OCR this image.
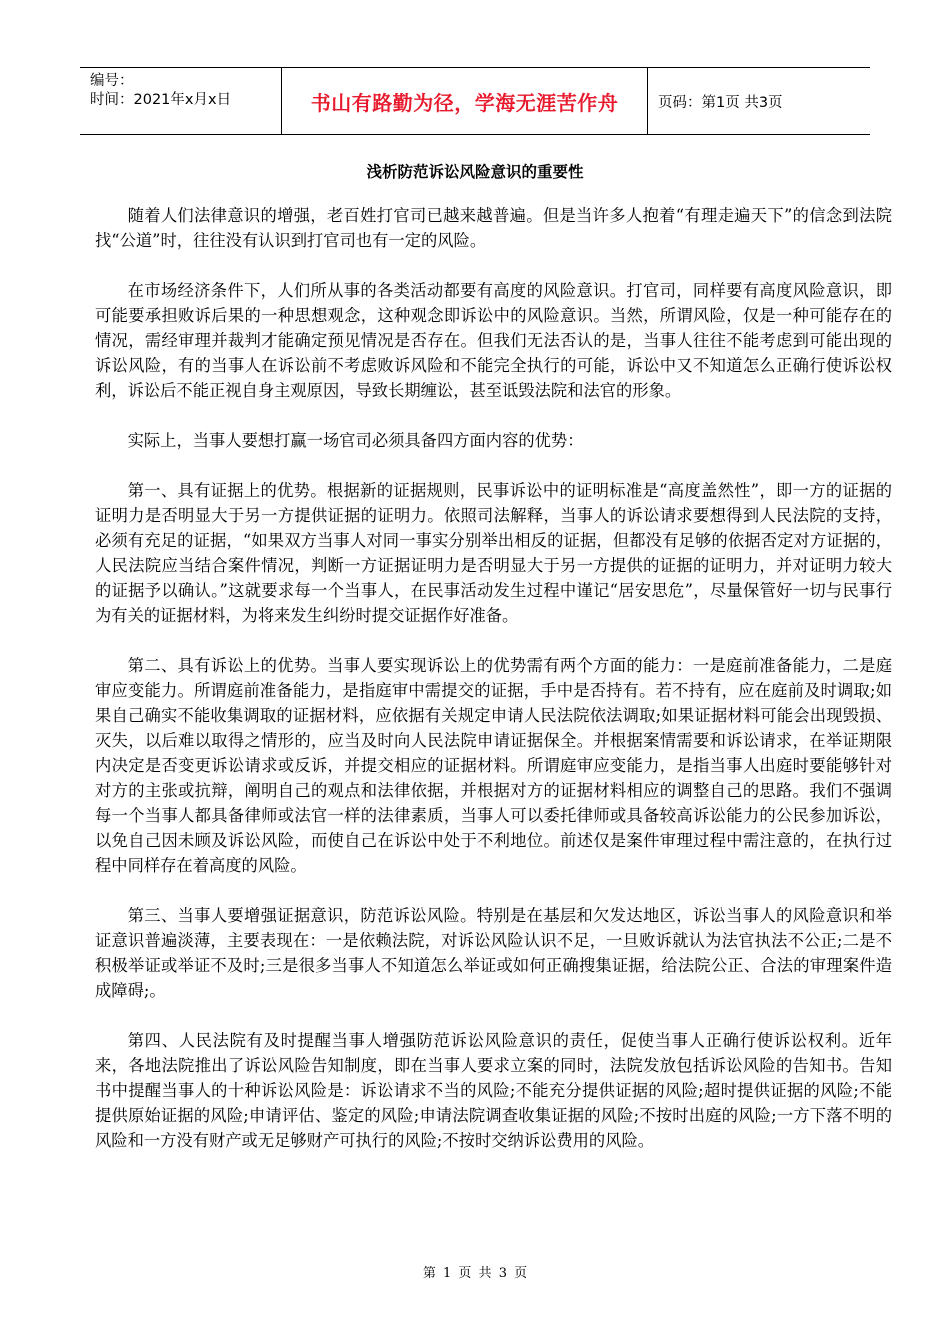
编号：
时间：2021年x月x日	书山有路勤为径，学海无涯苦作舟	页码：第1页 共3页
浅析防范诉讼风险意识的重要性

随着人们法律意识的增强，老百姓打官司已越来越普遍。但是当许多人抱着“有理走遍天下”的信念到法院找“公道”时，往往没有认识到打官司也有一定的风险。

在市场经济条件下，人们所从事的各类活动都要有高度的风险意识。打官司，同样要有高度风险意识，即可能要承担败诉后果的一种思想观念，这种观念即诉讼中的风险意识。当然，所谓风险，仅是一种可能存在的情况，需经审理并裁判才能确定预见情况是否存在。但我们无法否认的是，当事人往往不能考虑到可能出现的诉讼风险，有的当事人在诉讼前不考虑败诉风险和不能完全执行的可能，诉讼中又不知道怎么正确行使诉讼权利，诉讼后不能正视自身主观原因，导致长期缠讼，甚至诋毁法院和法官的形象。

实际上，当事人要想打赢一场官司必须具备四方面内容的优势：

第一、具有证据上的优势。根据新的证据规则，民事诉讼中的证明标准是“高度盖然性”，即一方的证据的证明力是否明显大于另一方提供证据的证明力。依照司法解释，当事人的诉讼请求要想得到人民法院的支持，必须有充足的证据，“如果双方当事人对同一事实分别举出相反的证据，但都没有足够的依据否定对方证据的，人民法院应当结合案件情况，判断一方证据证明力是否明显大于另一方提供的证据的证明力，并对证明力较大的证据予以确认。”这就要求每一个当事人，在民事活动发生过程中谨记“居安思危”，尽量保管好一切与民事行为有关的证据材料，为将来发生纠纷时提交证据作好准备。

第二、具有诉讼上的优势。当事人要实现诉讼上的优势需有两个方面的能力：一是庭前准备能力，二是庭审应变能力。所谓庭前准备能力，是指庭审中需提交的证据，手中是否持有。若不持有，应在庭前及时调取;如果自己确实不能收集调取的证据材料，应依据有关规定申请人民法院依法调取;如果证据材料可能会出现毁损、灭失，以后难以取得之情形的，应当及时向人民法院申请证据保全。并根据案情需要和诉讼请求，在举证期限内决定是否变更诉讼请求或反诉，并提交相应的证据材料。所谓庭审应变能力，是指当事人出庭时要能够针对对方的主张或抗辩，阐明自己的观点和法律依据，并根据对方的证据材料相应的调整自己的思路。我们不强调每一个当事人都具备律师或法官一样的法律素质，当事人可以委托律师或具备较高诉讼能力的公民参加诉讼，以免自己因未顾及诉讼风险，而使自己在诉讼中处于不利地位。前述仅是案件审理过程中需注意的，在执行过程中同样存在着高度的风险。

第三、当事人要增强证据意识，防范诉讼风险。特别是在基层和欠发达地区，诉讼当事人的风险意识和举证意识普遍淡薄，主要表现在：一是依赖法院，对诉讼风险认识不足，一旦败诉就认为法官执法不公正;二是不积极举证或举证不及时;三是很多当事人不知道怎么举证或如何正确搜集证据，给法院公正、合法的审理案件造成障碍;。

第四、人民法院有及时提醒当事人增强防范诉讼风险意识的责任，促使当事人正确行使诉讼权利。近年来，各地法院推出了诉讼风险告知制度，即在当事人要求立案的同时，法院发放包括诉讼风险的告知书。告知书中提醒当事人的十种诉讼风险是：诉讼请求不当的风险;不能充分提供证据的风险;超时提供证据的风险;不能提供原始证据的风险;申请评估、鉴定的风险;申请法院调查收集证据的风险;不按时出庭的风险;一方下落不明的风险和一方没有财产或无足够财产可执行的风险;不按时交纳诉讼费用的风险。

第 1 页 共 3 页
